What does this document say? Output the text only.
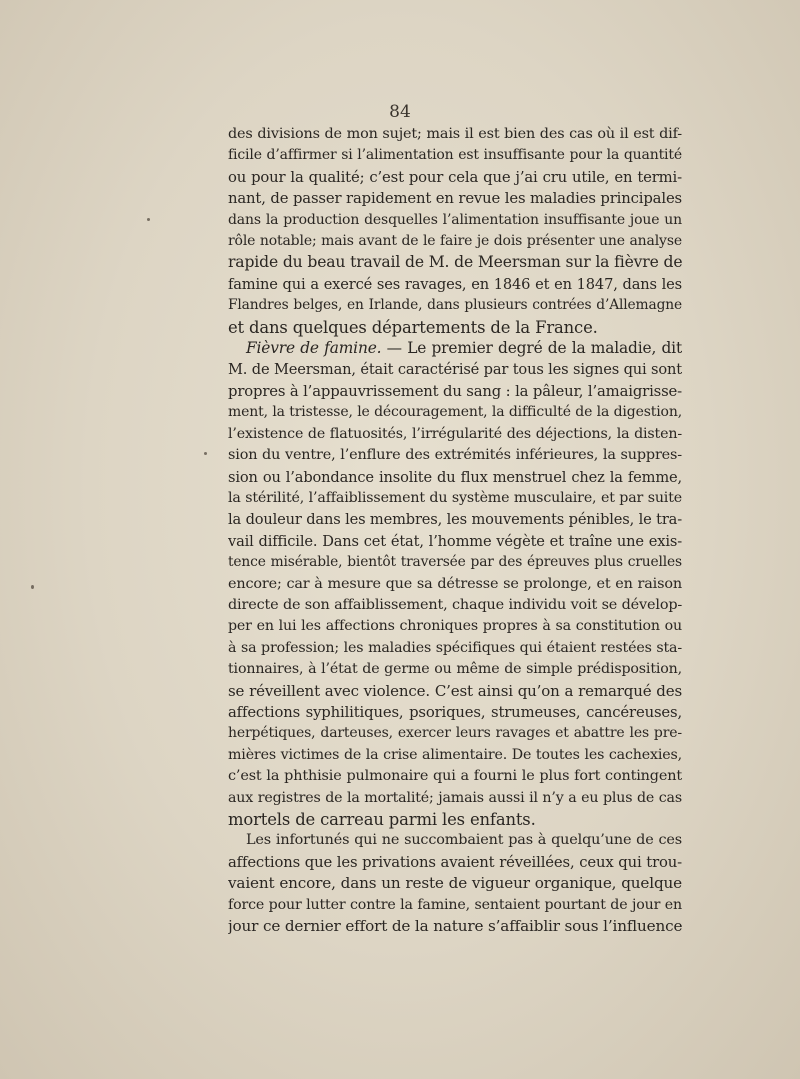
84
des divisions de mon sujet; mais il est bien des cas où il est dif-
ficile d’affirmer si l’alimentation est insuffisante pour la quantité
ou pour la qualité; c’est pour cela que j’ai cru utile, en termi-
nant, de passer rapidement en revue les maladies principales
dans la production desquelles l’alimentation insuffisante joue un
rôle notable; mais avant de le faire je dois présenter une analyse
rapide du beau travail de M. de Meersman sur la fièvre de
famine qui a exercé ses ravages, en 1846 et en 1847, dans les
Flandres belges, en Irlande, dans plusieurs contrées d’Allemagne
et dans quelques départements de la France.
Fièvre de famine. — Le premier degré de la maladie, dit
M. de Meersman, était caractérisé par tous les signes qui sont
propres à l’appauvrissement du sang : la pâleur, l’amaigrisse-
ment, la tristesse, le découragement, la difficulté de la digestion,
l’existence de flatuosités, l’irrégularité des déjections, la disten-
sion du ventre, l’enflure des extrémités inférieures, la suppres-
sion ou l’abondance insolite du flux menstruel chez la femme,
la stérilité, l’affaiblissement du système musculaire, et par suite
la douleur dans les membres, les mouvements pénibles, le tra-
vail difficile. Dans cet état, l’homme végète et traîne une exis-
tence misérable, bientôt traversée par des épreuves plus cruelles
encore; car à mesure que sa détresse se prolonge, et en raison
directe de son affaiblissement, chaque individu voit se dévelop-
per en lui les affections chroniques propres à sa constitution ou
à sa profession; les maladies spécifiques qui étaient restées sta-
tionnaires, à l’état de germe ou même de simple prédisposition,
se réveillent avec violence. C’est ainsi qu’on a remarqué des
affections syphilitiques, psoriques, strumeuses, cancéreuses,
herpétiques, darteuses, exercer leurs ravages et abattre les pre-
mières victimes de la crise alimentaire. De toutes les cachexies,
c’est la phthisie pulmonaire qui a fourni le plus fort contingent
aux registres de la mortalité; jamais aussi il n’y a eu plus de cas
mortels de carreau parmi les enfants.
Les infortunés qui ne succombaient pas à quelqu’une de ces
affections que les privations avaient réveillées, ceux qui trou-
vaient encore, dans un reste de vigueur organique, quelque
force pour lutter contre la famine, sentaient pourtant de jour en
jour ce dernier effort de la nature s’affaiblir sous l’influence
